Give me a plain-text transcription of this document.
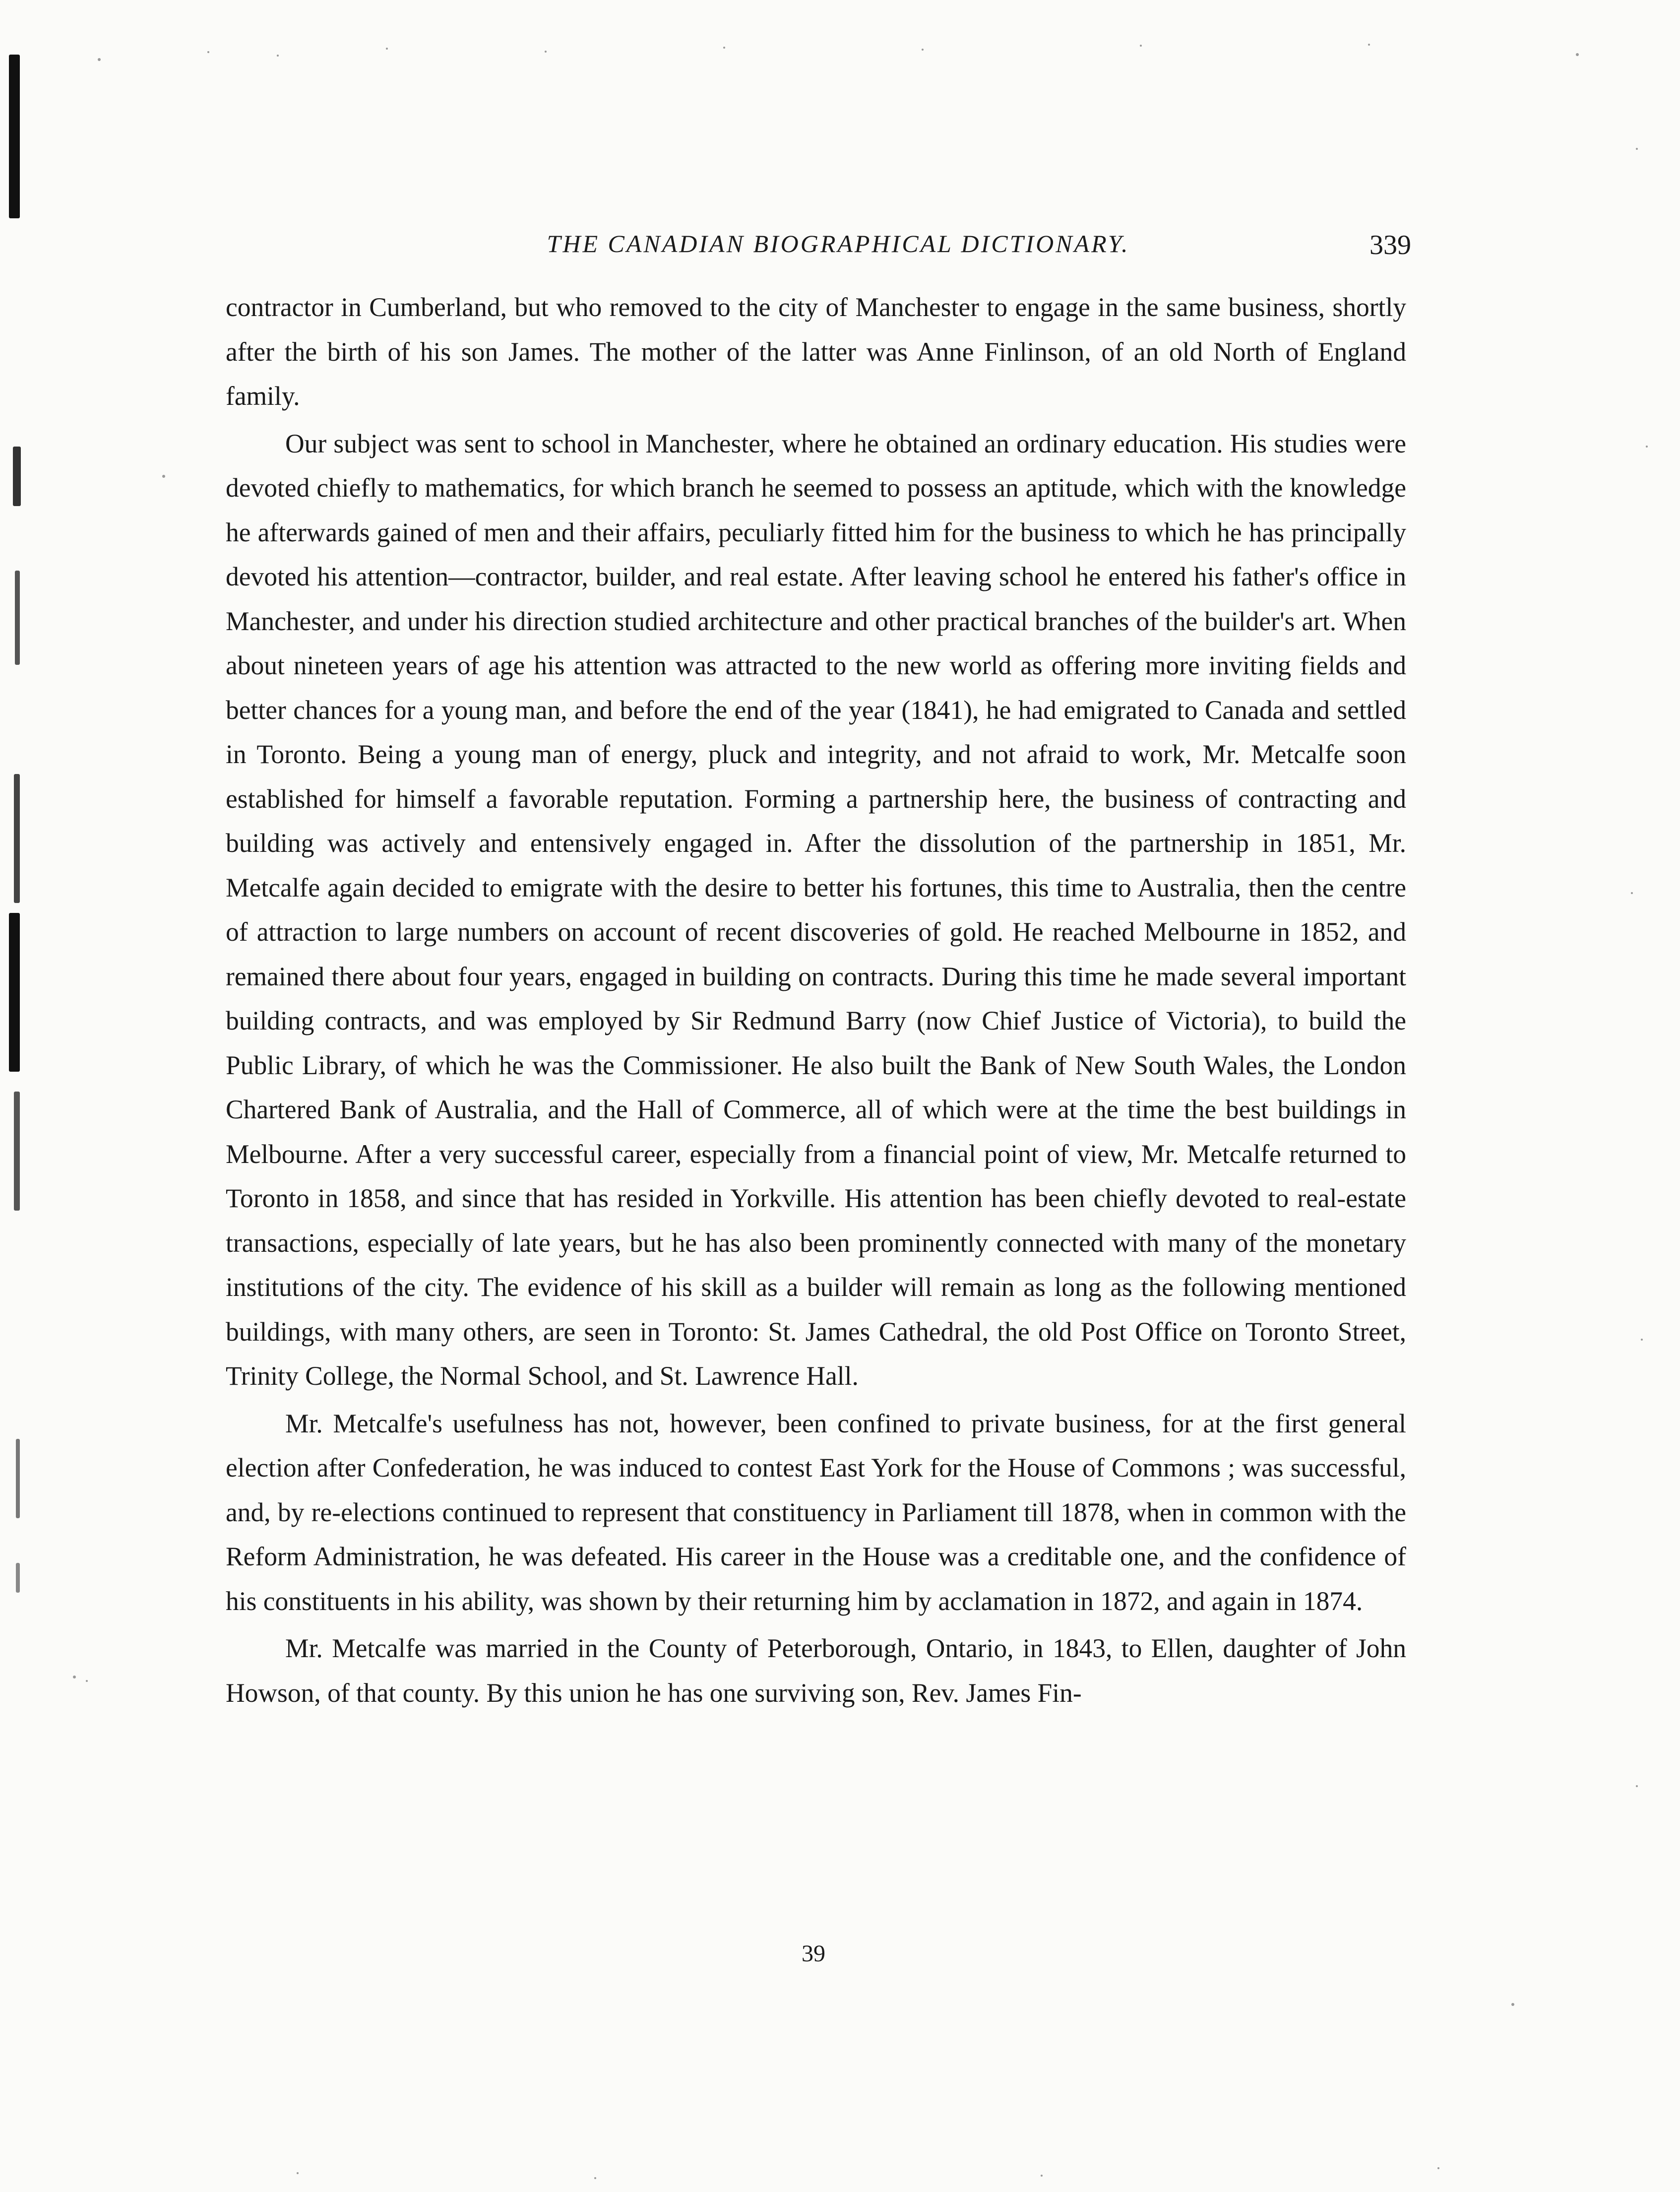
THE CANADIAN BIOGRAPHICAL DICTIONARY.	339

contractor in Cumberland, but who removed to the city of Manchester to engage in the same business, shortly after the birth of his son James. The mother of the latter was Anne Finlinson, of an old North of England family.

Our subject was sent to school in Manchester, where he obtained an ordinary education. His studies were devoted chiefly to mathematics, for which branch he seemed to possess an aptitude, which with the knowledge he afterwards gained of men and their affairs, peculiarly fitted him for the business to which he has principally devoted his attention—contractor, builder, and real estate. After leaving school he entered his father's office in Manchester, and under his direction studied architecture and other practical branches of the builder's art. When about nineteen years of age his attention was attracted to the new world as offering more inviting fields and better chances for a young man, and before the end of the year (1841), he had emigrated to Canada and settled in Toronto. Being a young man of energy, pluck and integrity, and not afraid to work, Mr. Metcalfe soon established for himself a favorable reputation. Forming a partnership here, the business of contracting and building was actively and entensively engaged in. After the dissolution of the partnership in 1851, Mr. Metcalfe again decided to emigrate with the desire to better his fortunes, this time to Australia, then the centre of attraction to large numbers on account of recent discoveries of gold. He reached Melbourne in 1852, and remained there about four years, engaged in building on contracts. During this time he made several important building contracts, and was employed by Sir Redmund Barry (now Chief Justice of Victoria), to build the Public Library, of which he was the Commissioner. He also built the Bank of New South Wales, the London Chartered Bank of Australia, and the Hall of Commerce, all of which were at the time the best buildings in Melbourne. After a very successful career, especially from a financial point of view, Mr. Metcalfe returned to Toronto in 1858, and since that has resided in Yorkville. His attention has been chiefly devoted to real-estate transactions, especially of late years, but he has also been prominently connected with many of the monetary institutions of the city. The evidence of his skill as a builder will remain as long as the following mentioned buildings, with many others, are seen in Toronto: St. James Cathedral, the old Post Office on Toronto Street, Trinity College, the Normal School, and St. Lawrence Hall.

Mr. Metcalfe's usefulness has not, however, been confined to private business, for at the first general election after Confederation, he was induced to contest East York for the House of Commons ; was successful, and, by re-elections continued to represent that constituency in Parliament till 1878, when in common with the Reform Administration, he was defeated. His career in the House was a creditable one, and the confidence of his constituents in his ability, was shown by their returning him by acclamation in 1872, and again in 1874.

Mr. Metcalfe was married in the County of Peterborough, Ontario, in 1843, to Ellen, daughter of John Howson, of that county. By this union he has one surviving son, Rev. James Fin-

39
